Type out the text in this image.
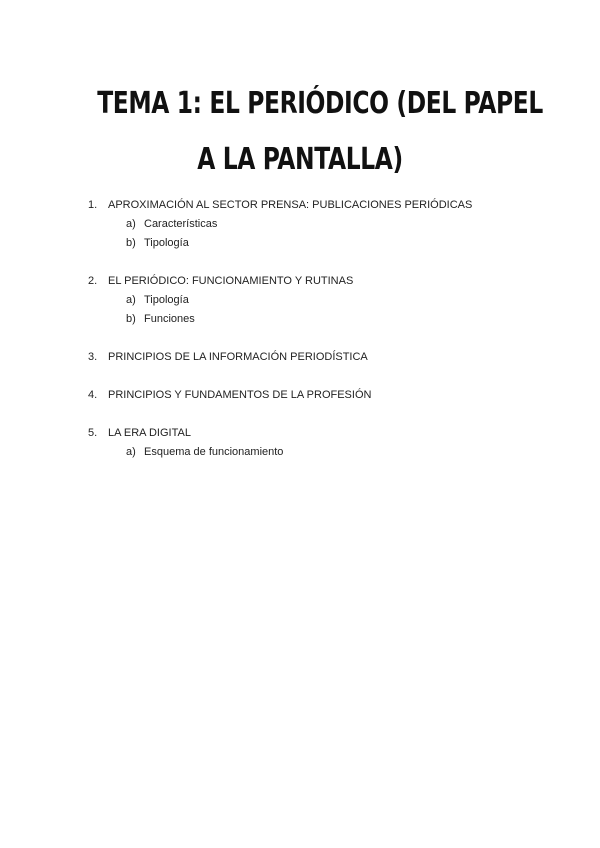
TEMA 1: EL PERIÓDICO (DEL PAPEL
A LA PANTALLA)
1. APROXIMACIÓN AL SECTOR PRENSA: PUBLICACIONES PERIÓDICAS
a) Características
b) Tipología
2. EL PERIÓDICO: FUNCIONAMIENTO Y RUTINAS
a) Tipología
b) Funciones
3. PRINCIPIOS DE LA INFORMACIÓN PERIODÍSTICA
4. PRINCIPIOS Y FUNDAMENTOS DE LA PROFESIÓN
5. LA ERA DIGITAL
a) Esquema de funcionamiento
